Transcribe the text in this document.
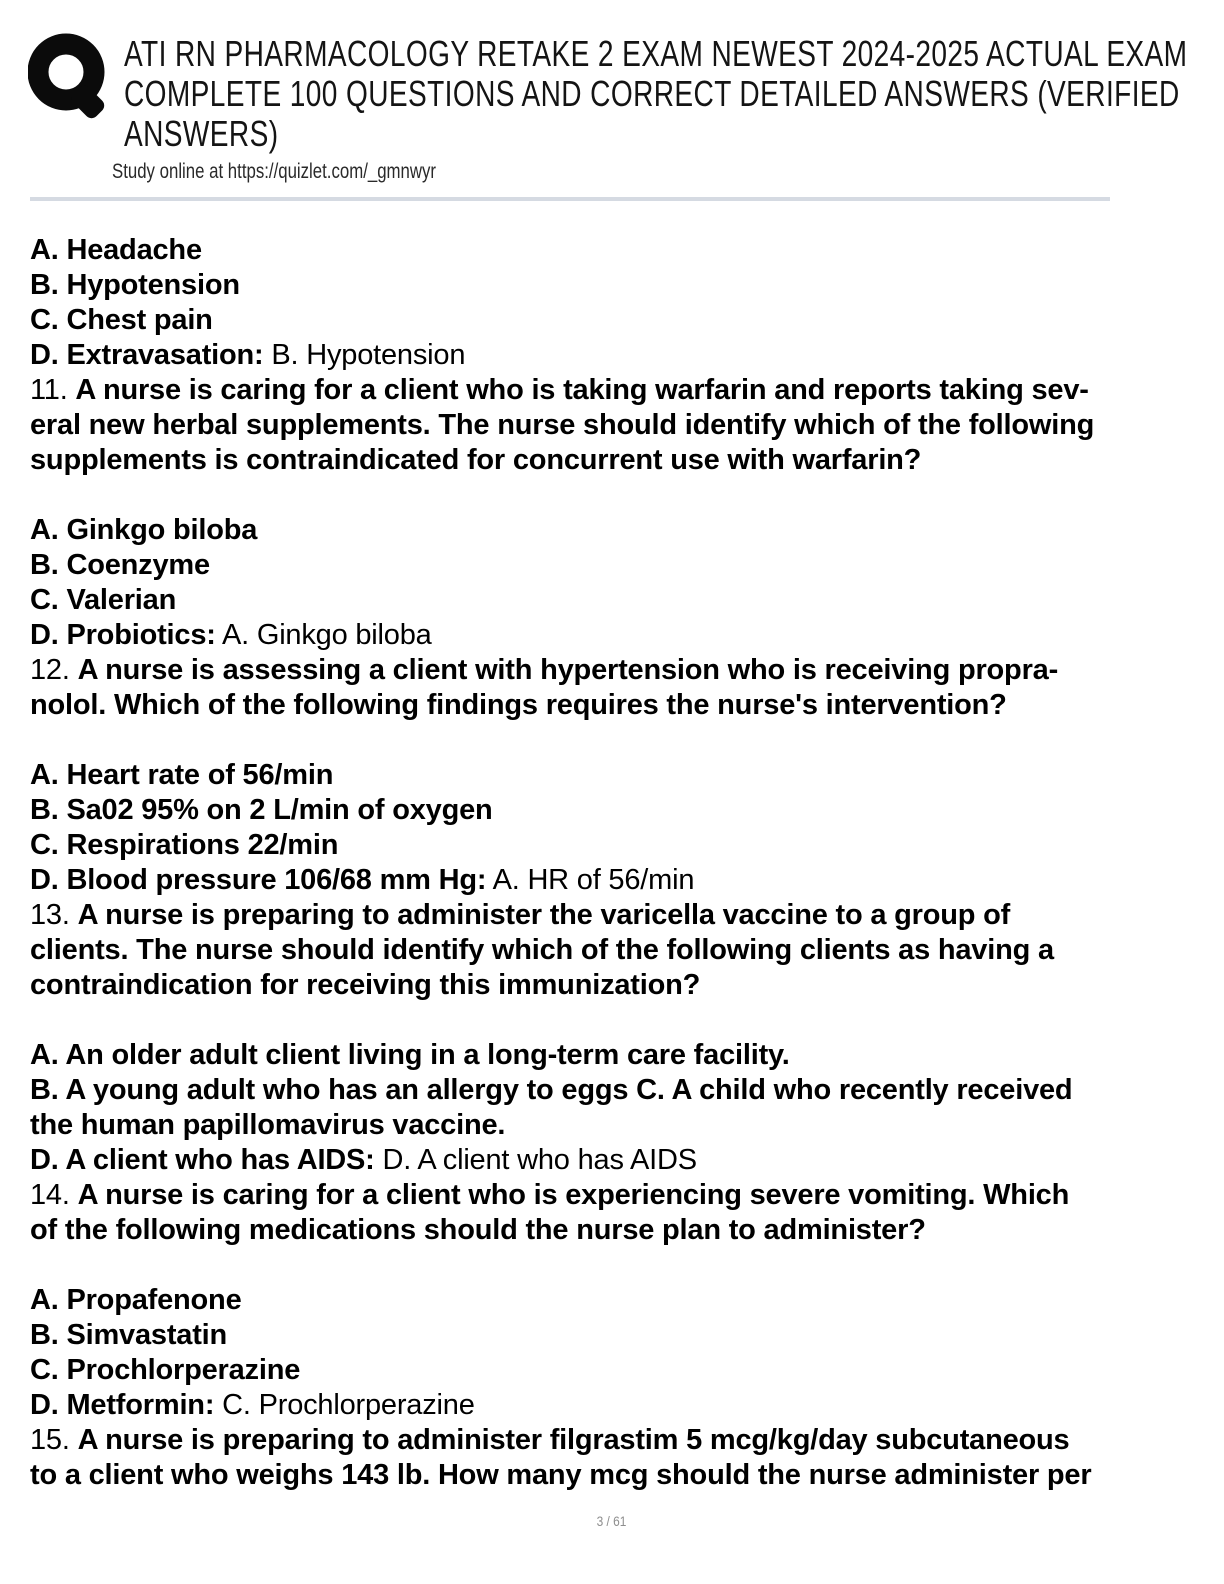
ATI RN PHARMACOLOGY RETAKE 2 EXAM NEWEST 2024-2025 ACTUAL EXAM
COMPLETE 100 QUESTIONS AND CORRECT DETAILED ANSWERS (VERIFIED
ANSWERS)
Study online at https://quizlet.com/_gmnwyr
A. Headache
B. Hypotension
C. Chest pain
D. Extravasation: B. Hypotension
11. A nurse is caring for a client who is taking warfarin and reports taking sev-
eral new herbal supplements. The nurse should identify which of the following
supplements is contraindicated for concurrent use with warfarin?
A. Ginkgo biloba
B. Coenzyme
C. Valerian
D. Probiotics: A. Ginkgo biloba
12. A nurse is assessing a client with hypertension who is receiving propra-
nolol. Which of the following findings requires the nurse's intervention?
A. Heart rate of 56/min
B. Sa02 95% on 2 L/min of oxygen
C. Respirations 22/min
D. Blood pressure 106/68 mm Hg: A. HR of 56/min
13. A nurse is preparing to administer the varicella vaccine to a group of
clients. The nurse should identify which of the following clients as having a
contraindication for receiving this immunization?
A. An older adult client living in a long-term care facility.
B. A young adult who has an allergy to eggs C. A child who recently received
the human papillomavirus vaccine.
D. A client who has AIDS: D. A client who has AIDS
14. A nurse is caring for a client who is experiencing severe vomiting. Which
of the following medications should the nurse plan to administer?
A. Propafenone
B. Simvastatin
C. Prochlorperazine
D. Metformin: C. Prochlorperazine
15. A nurse is preparing to administer filgrastim 5 mcg/kg/day subcutaneous
to a client who weighs 143 lb. How many mcg should the nurse administer per
3 / 61
